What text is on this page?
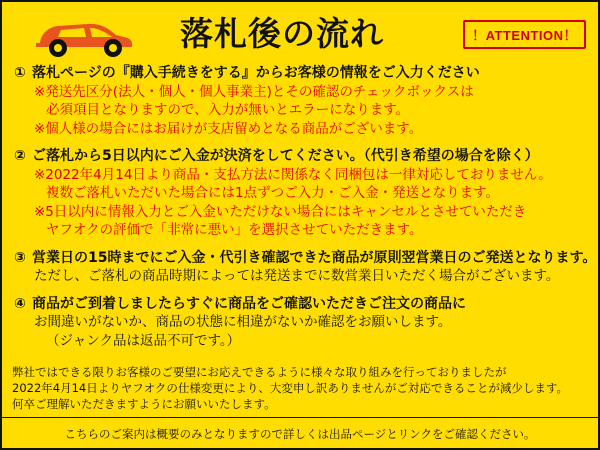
落札後の流れ	！ATTENTION！
① 落札ページの『購入手続きをする』からお客様の情報をご入力ください
※発送先区分(法人・個人・個人事業主)とその確認のチェックボックスは
必須項目となりますので、入力が無いとエラーになります。
※個人様の場合にはお届けが支店留めとなる商品がございます。
② ご落札から5日以内にご入金が決済をしてください。（代引き希望の場合を除く）
※2022年4月14日より商品・支払方法に関係なく同梱包は一律対応しておりません。
複数ご落札いただいた場合には1点ずつご入力・ご入金・発送となります。
※5日以内に情報入力とご入金いただけない場合にはキャンセルとさせていただき
ヤフオクの評価で「非常に悪い」を選択させていただきます。
③ 営業日の15時までにご入金・代引き確認できた商品が原則翌営業日のご発送となります。
ただし、ご落札の商品時期によっては発送までに数営業日いただく場合がございます。
④ 商品がご到着しましたらすぐに商品をご確認いただきご注文の商品に
お間違いがないか、商品の状態に相違がないか確認をお願いします。
（ジャンク品は返品不可です。）
弊社ではできる限りお客様のご要望にお応えできるように様々な取り組みを行っておりましたが
2022年4月14日よりヤフオクの仕様変更により、大変申し訳ありませんがご対応できることが減少します。
何卒ご理解いただきますようにお願いいたします。
こちらのご案内は概要のみとなりますので詳しくは出品ページとリンクをご確認ください。
